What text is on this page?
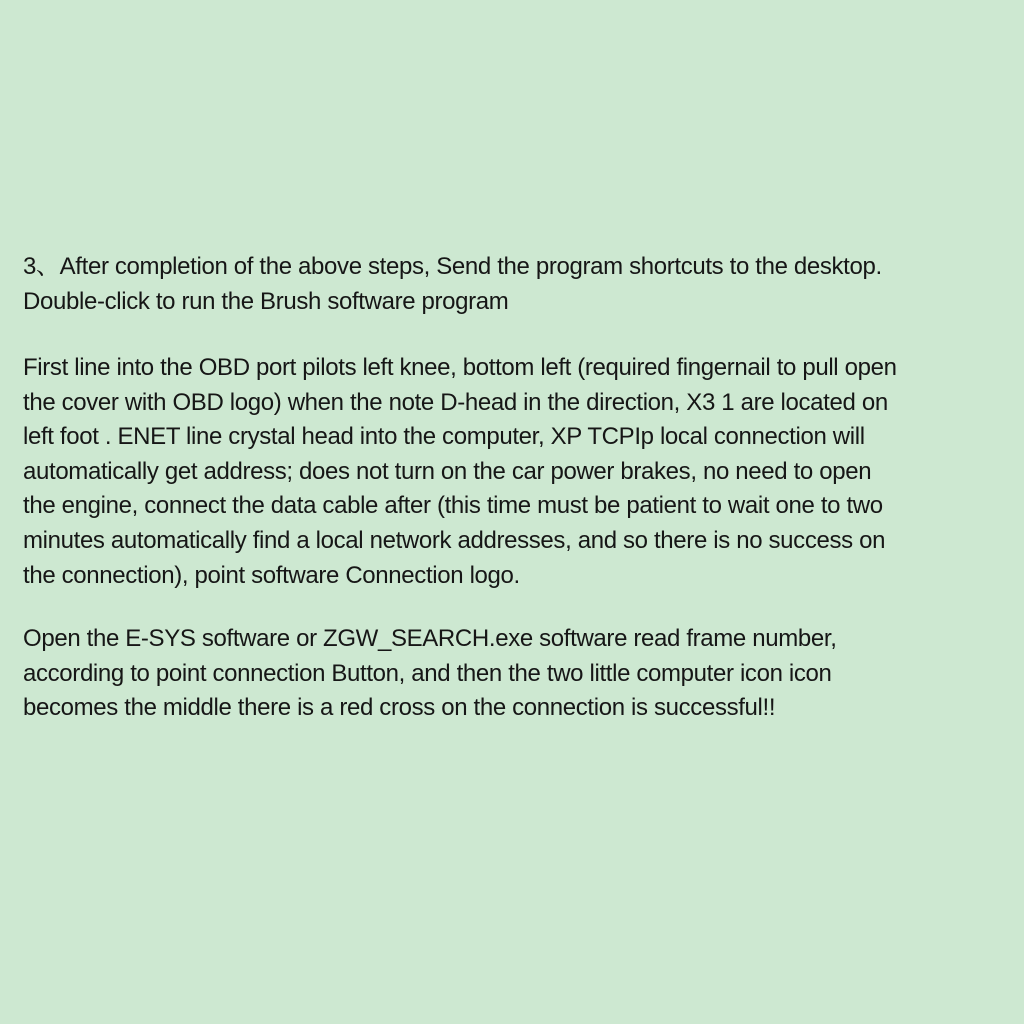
3、After completion of the above steps, Send the program shortcuts to the desktop.
Double-click to run the Brush software program

First line into the OBD port pilots left knee, bottom left (required fingernail to pull open
the cover with OBD logo) when the note D-head in the direction, X3 1 are located on
left foot . ENET line crystal head into the computer, XP TCPIp local connection will
automatically get address; does not turn on the car power brakes, no need to open
the engine, connect the data cable after (this time must be patient to wait one to two
minutes automatically find a local network addresses, and so there is no success on
the connection), point software Connection logo.

Open the E-SYS software or ZGW_SEARCH.exe software read frame number,
according to point connection Button, and then the two little computer icon icon
becomes the middle there is a red cross on the connection is successful!!
